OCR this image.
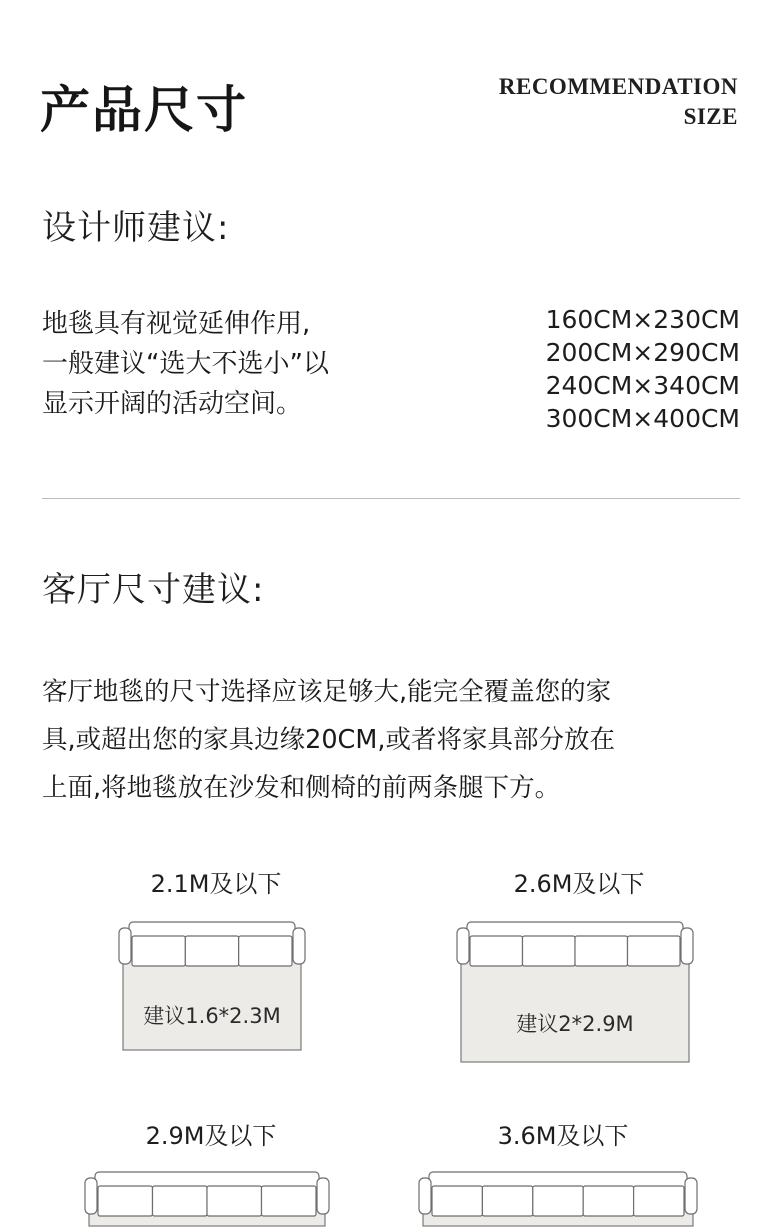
产品尺寸	RECOMMENDATION
SIZE
设计师建议:
地毯具有视觉延伸作用,
一般建议“选大不选小”以
显示开阔的活动空间。
160CM×230CM
200CM×290CM
240CM×340CM
300CM×400CM
客厅尺寸建议:
客厅地毯的尺寸选择应该足够大,能完全覆盖您的家
具,或超出您的家具边缘20CM,或者将家具部分放在
上面,将地毯放在沙发和侧椅的前两条腿下方。
2.1M及以下	2.6M及以下
2.9M及以下	3.6M及以下
建议1.6*2.3M	建议2*2.9M
